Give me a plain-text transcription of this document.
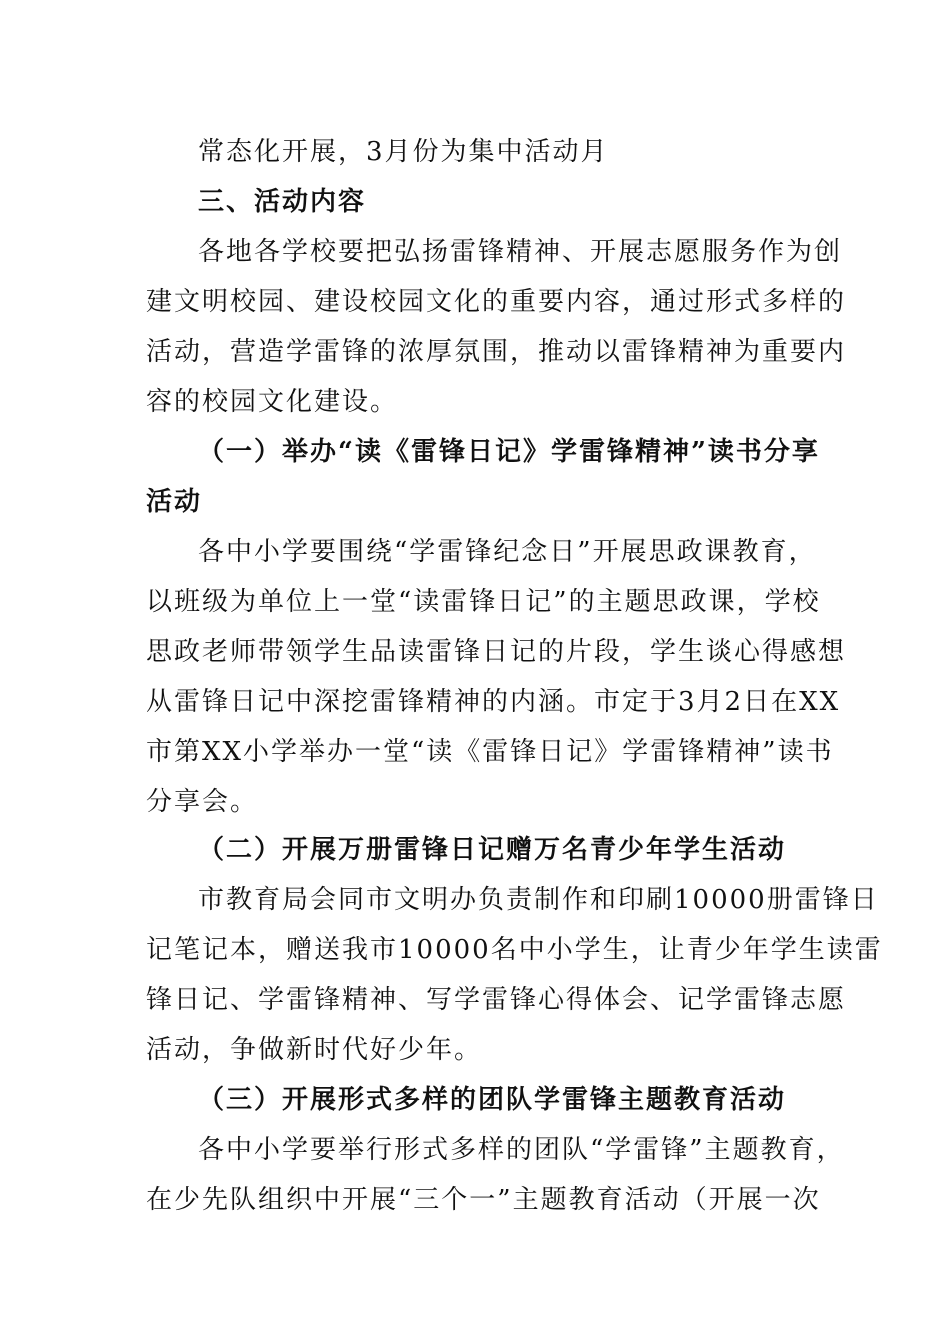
常态化开展，3月份为集中活动月
三、活动内容
各地各学校要把弘扬雷锋精神、开展志愿服务作为创
建文明校园、建设校园文化的重要内容，通过形式多样的
活动，营造学雷锋的浓厚氛围，推动以雷锋精神为重要内
容的校园文化建设。
（一）举办“读《雷锋日记》学雷锋精神”读书分享
活动
各中小学要围绕“学雷锋纪念日”开展思政课教育，
以班级为单位上一堂“读雷锋日记”的主题思政课，学校
思政老师带领学生品读雷锋日记的片段，学生谈心得感想
从雷锋日记中深挖雷锋精神的内涵。市定于3月2日在XX
市第XX小学举办一堂“读《雷锋日记》学雷锋精神”读书
分享会。
（二）开展万册雷锋日记赠万名青少年学生活动
市教育局会同市文明办负责制作和印刷10000册雷锋日
记笔记本，赠送我市10000名中小学生，让青少年学生读雷
锋日记、学雷锋精神、写学雷锋心得体会、记学雷锋志愿
活动，争做新时代好少年。
（三）开展形式多样的团队学雷锋主题教育活动
各中小学要举行形式多样的团队“学雷锋”主题教育，
在少先队组织中开展“三个一”主题教育活动（开展一次
